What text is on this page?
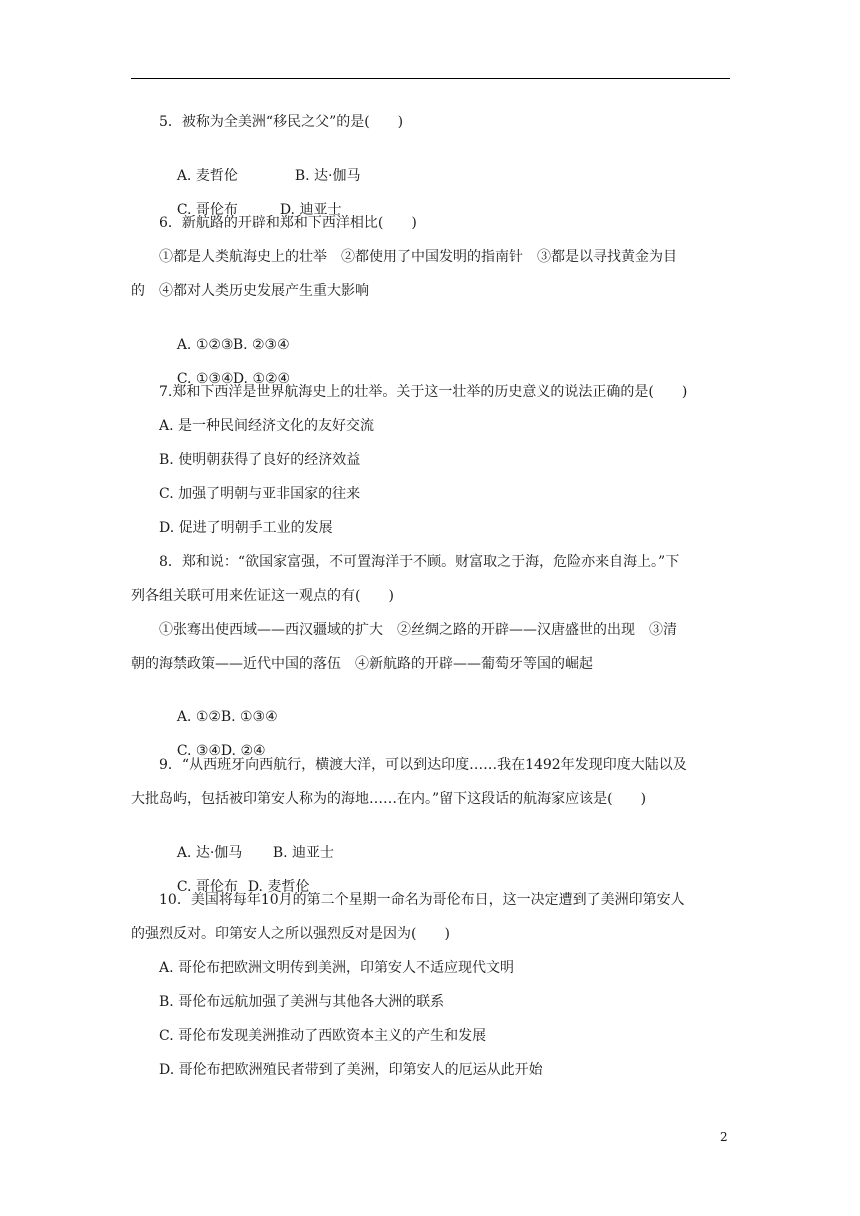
5．被称为全美洲“移民之父”的是(　　)

A. 麦哲伦	B. 达·伽马

C. 哥伦布	D. 迪亚士

6．新航路的开辟和郑和下西洋相比(　　)
①都是人类航海史上的壮举　②都使用了中国发明的指南针　③都是以寻找黄金为目
的　④都对人类历史发展产生重大影响

A. ①②③B. ②③④

C. ①③④D. ①②④

7.郑和下西洋是世界航海史上的壮举。关于这一壮举的历史意义的说法正确的是(　　)
A. 是一种民间经济文化的友好交流
B. 使明朝获得了良好的经济效益
C. 加强了明朝与亚非国家的往来
D. 促进了明朝手工业的发展
8．郑和说：“欲国家富强，不可置海洋于不顾。财富取之于海，危险亦来自海上。”下
列各组关联可用来佐证这一观点的有(　　)
①张骞出使西域——西汉疆域的扩大　②丝绸之路的开辟——汉唐盛世的出现　③清
朝的海禁政策——近代中国的落伍　④新航路的开辟——葡萄牙等国的崛起

A. ①②B. ①③④

C. ③④D. ②④

9．“从西班牙向西航行，横渡大洋，可以到达印度……我在1492年发现印度大陆以及
大批岛屿，包括被印第安人称为的海地……在内。”留下这段话的航海家应该是(　　)

A. 达·伽马 B. 迪亚士

C. 哥伦布 D. 麦哲伦

10．美国将每年10月的第二个星期一命名为哥伦布日，这一决定遭到了美洲印第安人
的强烈反对。印第安人之所以强烈反对是因为(　　)
A. 哥伦布把欧洲文明传到美洲，印第安人不适应现代文明
B. 哥伦布远航加强了美洲与其他各大洲的联系
C. 哥伦布发现美洲推动了西欧资本主义的产生和发展
D. 哥伦布把欧洲殖民者带到了美洲，印第安人的厄运从此开始
2
